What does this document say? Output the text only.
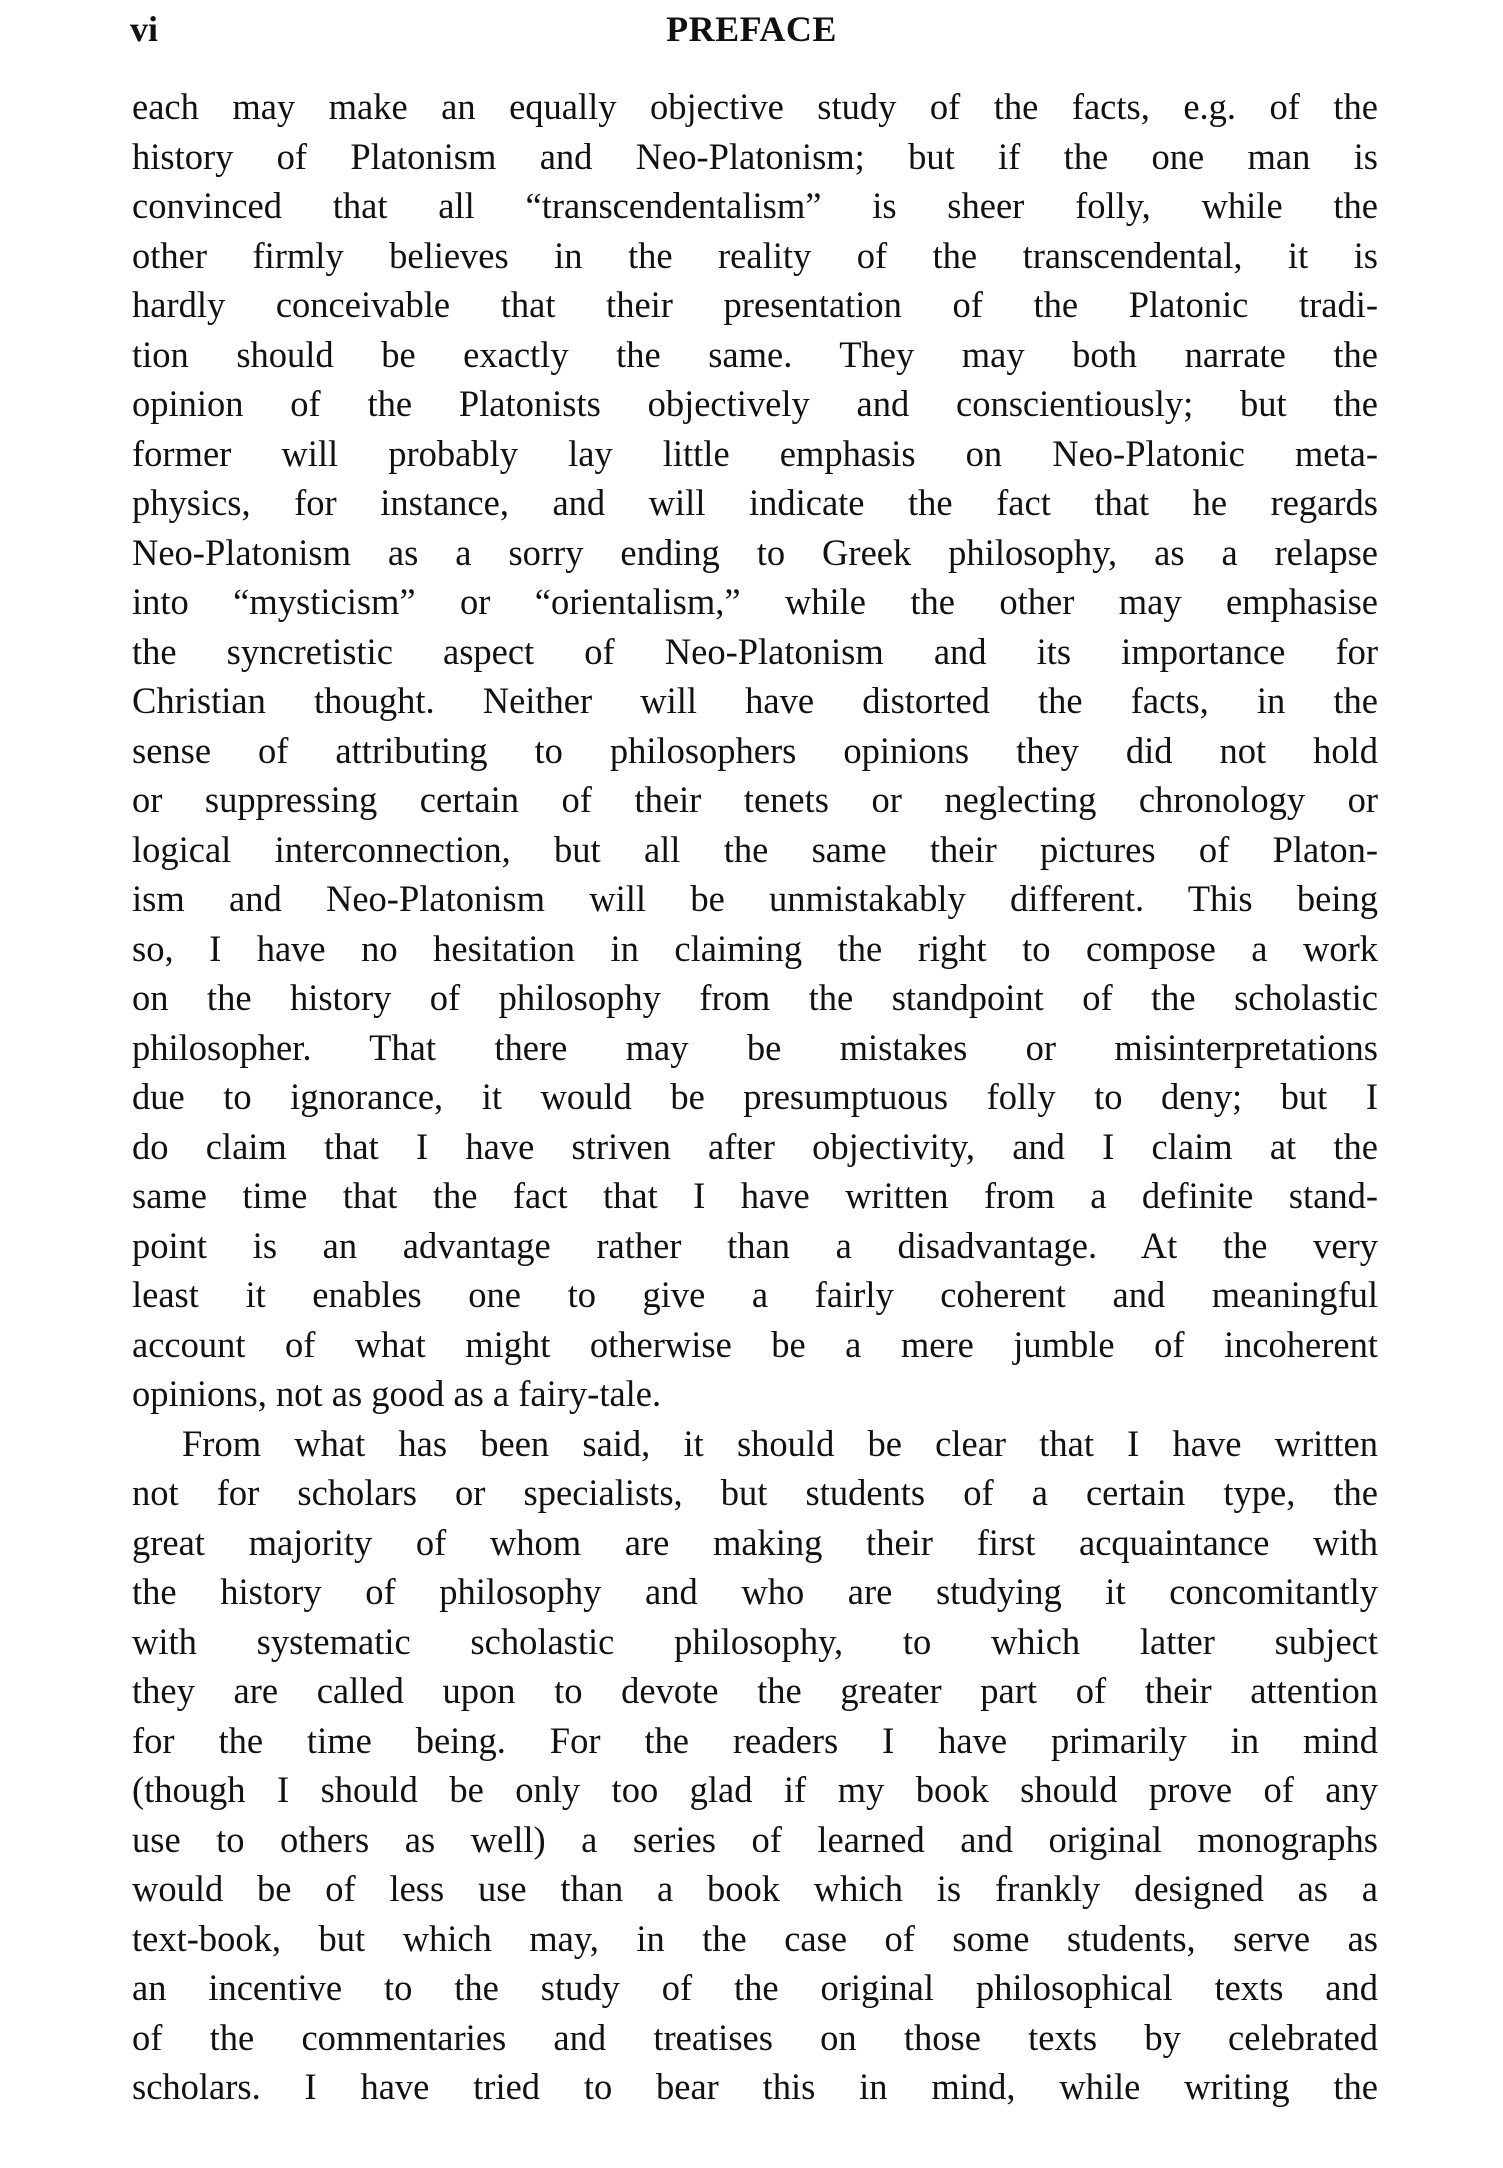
vi	PREFACE
each may make an equally objective study of the facts, e.g. of the
history of Platonism and Neo-Platonism; but if the one man is
convinced that all “transcendentalism” is sheer folly, while the
other firmly believes in the reality of the transcendental, it is
hardly conceivable that their presentation of the Platonic tradi-
tion should be exactly the same. They may both narrate the
opinion of the Platonists objectively and conscientiously; but the
former will probably lay little emphasis on Neo-Platonic meta-
physics, for instance, and will indicate the fact that he regards
Neo-Platonism as a sorry ending to Greek philosophy, as a relapse
into “mysticism” or “orientalism,” while the other may emphasise
the syncretistic aspect of Neo-Platonism and its importance for
Christian thought. Neither will have distorted the facts, in the
sense of attributing to philosophers opinions they did not hold
or suppressing certain of their tenets or neglecting chronology or
logical interconnection, but all the same their pictures of Platon-
ism and Neo-Platonism will be unmistakably different. This being
so, I have no hesitation in claiming the right to compose a work
on the history of philosophy from the standpoint of the scholastic
philosopher. That there may be mistakes or misinterpretations
due to ignorance, it would be presumptuous folly to deny; but I
do claim that I have striven after objectivity, and I claim at the
same time that the fact that I have written from a definite stand-
point is an advantage rather than a disadvantage. At the very
least it enables one to give a fairly coherent and meaningful
account of what might otherwise be a mere jumble of incoherent
opinions, not as good as a fairy-tale.
From what has been said, it should be clear that I have written
not for scholars or specialists, but students of a certain type, the
great majority of whom are making their first acquaintance with
the history of philosophy and who are studying it concomitantly
with systematic scholastic philosophy, to which latter subject
they are called upon to devote the greater part of their attention
for the time being. For the readers I have primarily in mind
(though I should be only too glad if my book should prove of any
use to others as well) a series of learned and original monographs
would be of less use than a book which is frankly designed as a
text-book, but which may, in the case of some students, serve as
an incentive to the study of the original philosophical texts and
of the commentaries and treatises on those texts by celebrated
scholars. I have tried to bear this in mind, while writing the
